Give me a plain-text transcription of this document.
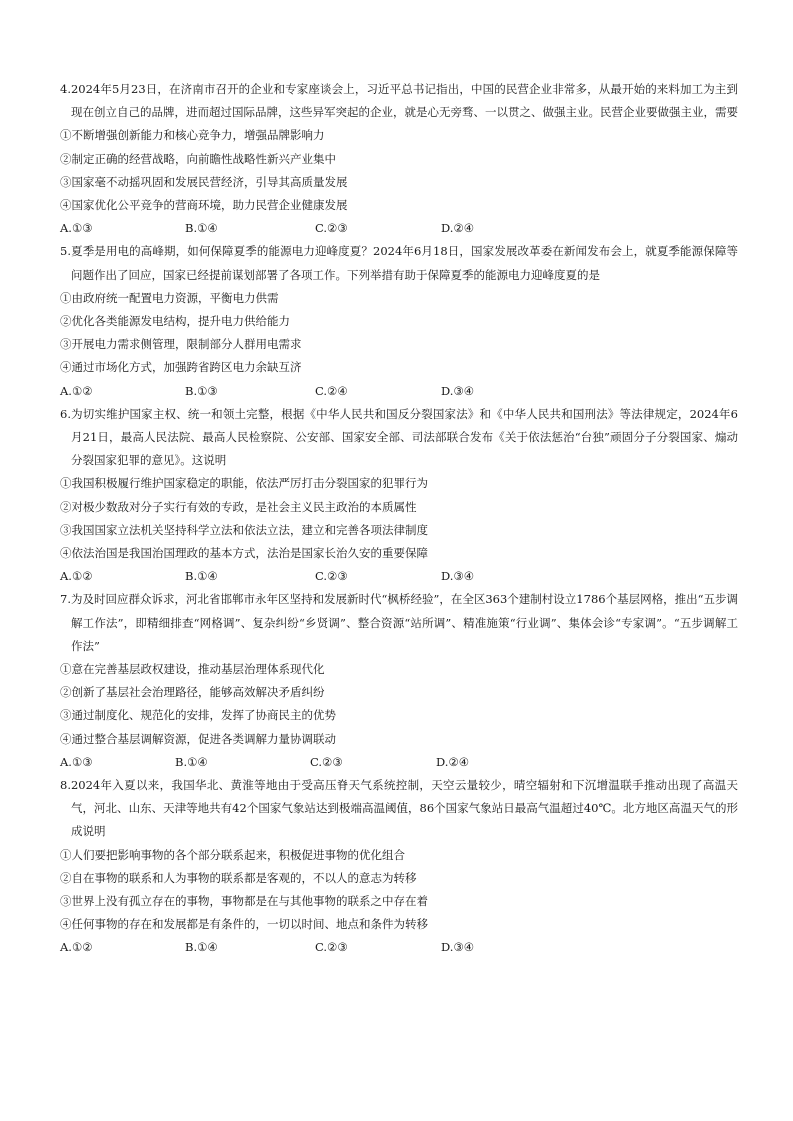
4.2024年5月23日，在济南市召开的企业和专家座谈会上，习近平总书记指出，中国的民营企业非常多，从最开始的来料加工为主到现在创立自己的品牌，进而超过国际品牌，这些异军突起的企业，就是心无旁骛、一以贯之、做强主业。民营企业要做强主业，需要

①不断增强创新能力和核心竞争力，增强品牌影响力

②制定正确的经营战略，向前瞻性战略性新兴产业集中

③国家毫不动摇巩固和发展民营经济，引导其高质量发展

④国家优化公平竞争的营商环境，助力民营企业健康发展

A.①③	B.①④	C.②③	D.②④

5.夏季是用电的高峰期，如何保障夏季的能源电力迎峰度夏？2024年6月18日，国家发展改革委在新闻发布会上，就夏季能源保障等问题作出了回应，国家已经提前谋划部署了各项工作。下列举措有助于保障夏季的能源电力迎峰度夏的是

①由政府统一配置电力资源，平衡电力供需

②优化各类能源发电结构，提升电力供给能力

③开展电力需求侧管理，限制部分人群用电需求

④通过市场化方式，加强跨省跨区电力余缺互济

A.①②	B.①③	C.②④	D.③④

6.为切实维护国家主权、统一和领土完整，根据《中华人民共和国反分裂国家法》和《中华人民共和国刑法》等法律规定，2024年6月21日，最高人民法院、最高人民检察院、公安部、国家安全部、司法部联合发布《关于依法惩治“台独”顽固分子分裂国家、煽动分裂国家犯罪的意见》。这说明

①我国积极履行维护国家稳定的职能，依法严厉打击分裂国家的犯罪行为

②对极少数敌对分子实行有效的专政，是社会主义民主政治的本质属性

③我国国家立法机关坚持科学立法和依法立法，建立和完善各项法律制度

④依法治国是我国治国理政的基本方式，法治是国家长治久安的重要保障

A.①②	B.①④	C.②③	D.③④

7.为及时回应群众诉求，河北省邯郸市永年区坚持和发展新时代“枫桥经验”，在全区363个建制村设立1786个基层网格，推出“五步调解工作法”，即精细排查“网格调”、复杂纠纷“乡贤调”、整合资源“站所调”、精准施策“行业调”、集体会诊“专家调”。“五步调解工作法”

①意在完善基层政权建设，推动基层治理体系现代化

②创新了基层社会治理路径，能够高效解决矛盾纠纷

③通过制度化、规范化的安排，发挥了协商民主的优势

④通过整合基层调解资源，促进各类调解力量协调联动

A.①③	B.①④	C.②③	D.②④

8.2024年入夏以来，我国华北、黄淮等地由于受高压脊天气系统控制，天空云量较少，晴空辐射和下沉增温联手推动出现了高温天气，河北、山东、天津等地共有42个国家气象站达到极端高温阈值，86个国家气象站日最高气温超过40℃。北方地区高温天气的形成说明

①人们要把影响事物的各个部分联系起来，积极促进事物的优化组合

②自在事物的联系和人为事物的联系都是客观的，不以人的意志为转移

③世界上没有孤立存在的事物，事物都是在与其他事物的联系之中存在着

④任何事物的存在和发展都是有条件的，一切以时间、地点和条件为转移

A.①②	B.①④	C.②③	D.③④
